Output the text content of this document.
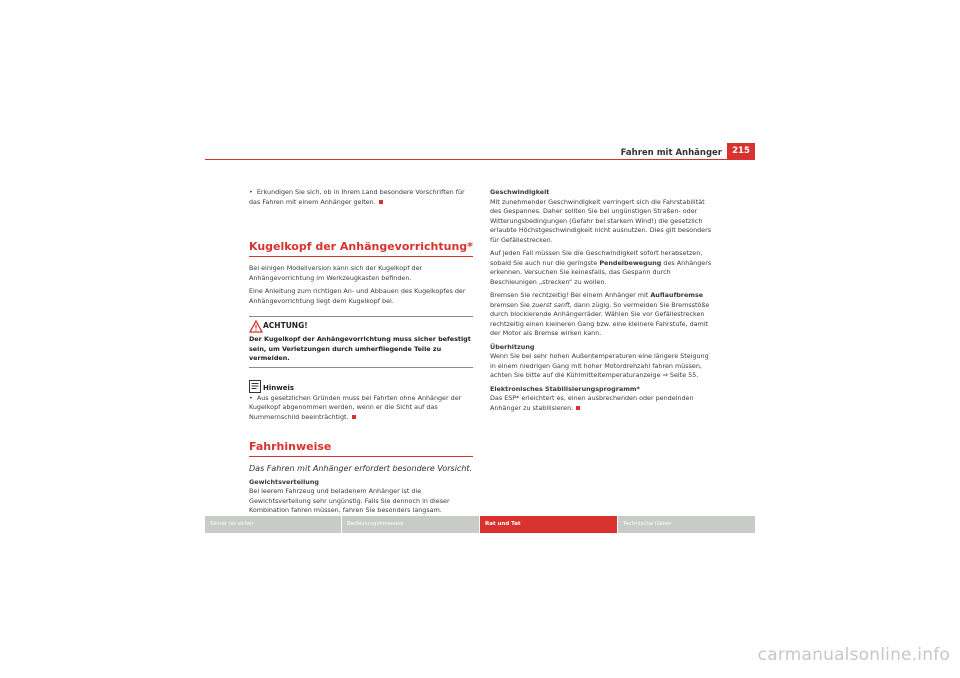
Fahren mit Anhänger	215

• Erkundigen Sie sich, ob in Ihrem Land besondere Vorschriften für das Fahren mit einem Anhänger gelten.

Kugelkopf der Anhängevorrichtung*

Bei einigen Modellversion kann sich der Kugelkopf der Anhängevorrichtung im Werkzeugkasten befinden.

Eine Anleitung zum richtigen An- und Abbauen des Kugelkopfes der Anhängevorrichtung liegt dem Kugelkopf bei.

ACHTUNG!
Der Kugelkopf der Anhängevorrichtung muss sicher befestigt sein, um Verletzungen durch umherfliegende Teile zu vermeiden.
Hinweis

• Aus gesetzlichen Gründen muss bei Fahrten ohne Anhänger der Kugelkopf abgenommen werden, wenn er die Sicht auf das Nummernschild beeinträchtigt.

Fahrhinweise

Das Fahren mit Anhänger erfordert besondere Vorsicht.

Gewichtsverteilung

Bei leerem Fahrzeug und beladenem Anhänger ist die Gewichtsverteilung sehr ungünstig. Falls Sie dennoch in dieser Kombination fahren müssen, fahren Sie besonders langsam.

Geschwindigkeit

Mit zunehmender Geschwindigkeit verringert sich die Fahrstabilität des Gespannes. Daher sollten Sie bei ungünstigen Straßen- oder Witterungsbedingungen (Gefahr bei starkem Wind!) die gesetzlich erlaubte Höchstgeschwindigkeit nicht ausnutzen. Dies gilt besonders für Gefällestrecken.

Auf jeden Fall müssen Sie die Geschwindigkeit sofort herabsetzen, sobald Sie auch nur die geringste Pendelbewegung des Anhängers erkennen. Versuchen Sie keinesfalls, das Gespann durch Beschleunigen „strecken“ zu wollen.

Bremsen Sie rechtzeitig! Bei einem Anhänger mit Auflaufbremse bremsen Sie zuerst sanft, dann zügig. So vermeiden Sie Bremsstöße durch blockierende Anhängerräder. Wählen Sie vor Gefällestrecken rechtzeitig einen kleineren Gang bzw. eine kleinere Fahrstufe, damit der Motor als Bremse wirken kann.

Überhitzung

Wenn Sie bei sehr hohen Außentemperaturen eine längere Steigung in einem niedrigen Gang mit hoher Motordrehzahl fahren müssen, achten Sie bitte auf die Kühlmitteltemperaturanzeige ⇒ Seite 55.

Elektronisches Stabilisierungsprogramm*

Das ESP* erleichtert es, einen ausbrechenden oder pendelnden Anhänger zu stabilisieren.

Sicher ist sicher	Bedienungshinweise	Rat und Tat	Technische Daten
carmanualsonline.info
